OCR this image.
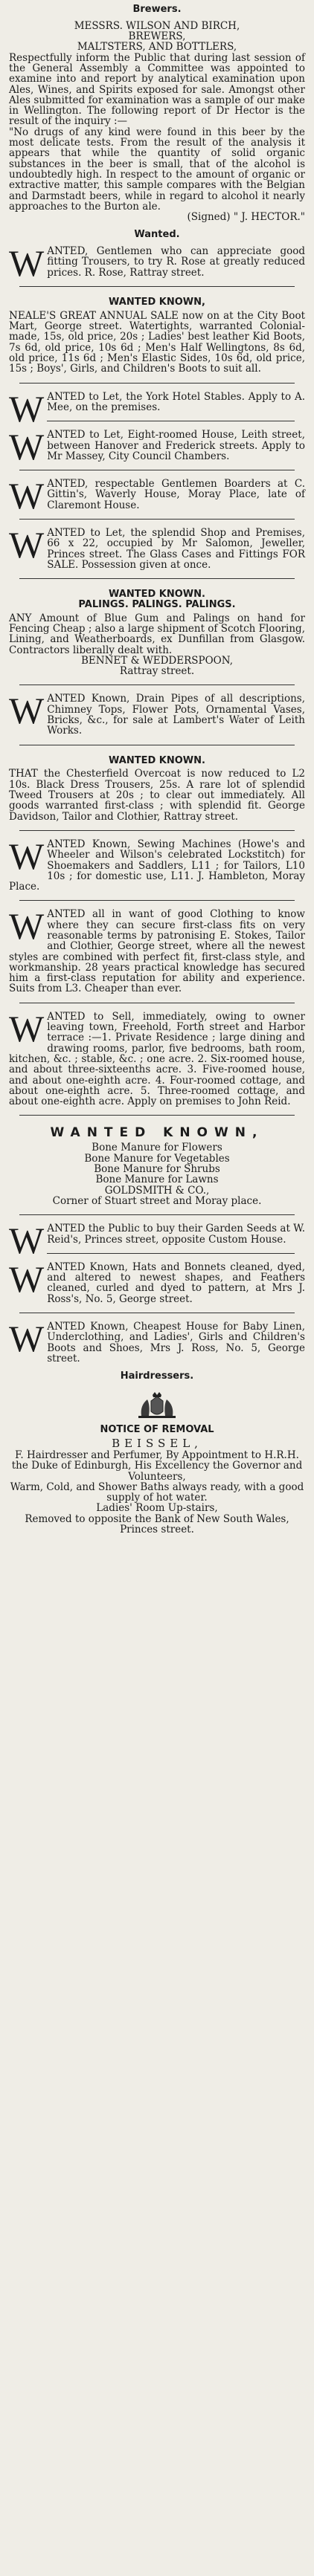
Brewers.

MESSRS. WILSON AND BIRCH,
BREWERS,
MALTSTERS, AND BOTTLERS,

Respectfully inform the Public that during last session of the General Assembly a Committee was appointed to examine into and report by analytical examination upon Ales, Wines, and Spirits exposed for sale. Amongst other Ales submitted for examination was a sample of our make in Wellington. The following report of Dr Hector is the result of the inquiry :—

"No drugs of any kind were found in this beer by the most delicate tests. From the result of the analysis it appears that while the quantity of solid organic substances in the beer is small, that of the alcohol is undoubtedly high. In respect to the amount of organic or extractive matter, this sample compares with the Belgian and Darmstadt beers, while in regard to alcohol it nearly approaches to the Burton ale.

(Signed) " J. HECTOR."

Wanted.
W ANTED, Gentlemen who can appreciate good fitting Trousers, to try R. Rose at greatly reduced prices. R. Rose, Rattray street.

WANTED KNOWN,

NEALE'S GREAT ANNUAL SALE now on at the City Boot Mart, George street. Watertights, warranted Colonial-made, 15s, old price, 20s ; Ladies' best leather Kid Boots, 7s 6d, old price, 10s 6d ; Men's Half Wellingtons, 8s 6d, old price, 11s 6d ; Men's Elastic Sides, 10s 6d, old price, 15s ; Boys', Girls, and Children's Boots to suit all.

W ANTED to Let, the York Hotel Stables. Apply to A. Mee, on the premises.

W ANTED to Let, Eight-roomed House, Leith street, between Hanover and Frederick streets. Apply to Mr Massey, City Council Chambers.

W ANTED, respectable Gentlemen Boarders at C. Gittin's, Waverly House, Moray Place, late of Claremont House.

W ANTED to Let, the splendid Shop and Premises, 66 x 22, occupied by Mr Salomon, Jeweller, Princes street. The Glass Cases and Fittings FOR SALE. Possession given at once.

WANTED KNOWN.
PALINGS. PALINGS. PALINGS.

ANY Amount of Blue Gum and Palings on hand for Fencing Cheap ; also a large shipment of Scotch Flooring, Lining, and Weatherboards, ex Dunfillan from Glasgow. Contractors liberally dealt with.

BENNET & WEDDERSPOON,
Rattray street.

W ANTED Known, Drain Pipes of all descriptions, Chimney Tops, Flower Pots, Ornamental Vases, Bricks, &c., for sale at Lambert's Water of Leith Works.

WANTED KNOWN.

THAT the Chesterfield Overcoat is now reduced to L2 10s. Black Dress Trousers, 25s. A rare lot of splendid Tweed Trousers at 20s ; to clear out immediately. All goods warranted first-class ; with splendid fit. George Davidson, Tailor and Clothier, Rattray street.

W ANTED Known, Sewing Machines (Howe's and Wheeler and Wilson's celebrated Lockstitch) for Shoemakers and Saddlers, L11 ; for Tailors, L10 10s ; for domestic use, L11. J. Hambleton, Moray Place.

W ANTED all in want of good Clothing to know where they can secure first-class fits on very reasonable terms by patronising E. Stokes, Tailor and Clothier, George street, where all the newest styles are combined with perfect fit, first-class style, and workmanship. 28 years practical knowledge has secured him a first-class reputation for ability and experience. Suits from L3. Cheaper than ever.

W ANTED to Sell, immediately, owing to owner leaving town, Freehold, Forth street and Harbor terrace :—1. Private Residence ; large dining and drawing rooms, parlor, five bedrooms, bath room, kitchen, &c. ; stable, &c. ; one acre. 2. Six-roomed house, and about three-sixteenths acre. 3. Five-roomed house, and about one-eighth acre. 4. Four-roomed cottage, and about one-eighth acre. 5. Three-roomed cottage, and about one-eighth acre. Apply on premises to John Reid.

WANTED KNOWN,

Bone Manure for Flowers
Bone Manure for Vegetables
Bone Manure for Shrubs
Bone Manure for Lawns
GOLDSMITH & CO.,
Corner of Stuart street and Moray place.

W ANTED the Public to buy their Garden Seeds at W. Reid's, Princes street, opposite Custom House.

W ANTED Known, Hats and Bonnets cleaned, dyed, and altered to newest shapes, and Feathers cleaned, curled and dyed to pattern, at Mrs J. Ross's, No. 5, George street.

W ANTED Known, Cheapest House for Baby Linen, Underclothing, and Ladies', Girls and Children's Boots and Shoes, Mrs J. Ross, No. 5, George street.

Hairdressers.
NOTICE OF REMOVAL

BEISSEL,

F. Hairdresser and Perfumer, By Appointment to H.R.H. the Duke of Edinburgh, His Excellency the Governor and Volunteers,

Warm, Cold, and Shower Baths always ready, with a good supply of hot water.
Ladies' Room Up-stairs,

Removed to opposite the Bank of New South Wales, Princes street.
